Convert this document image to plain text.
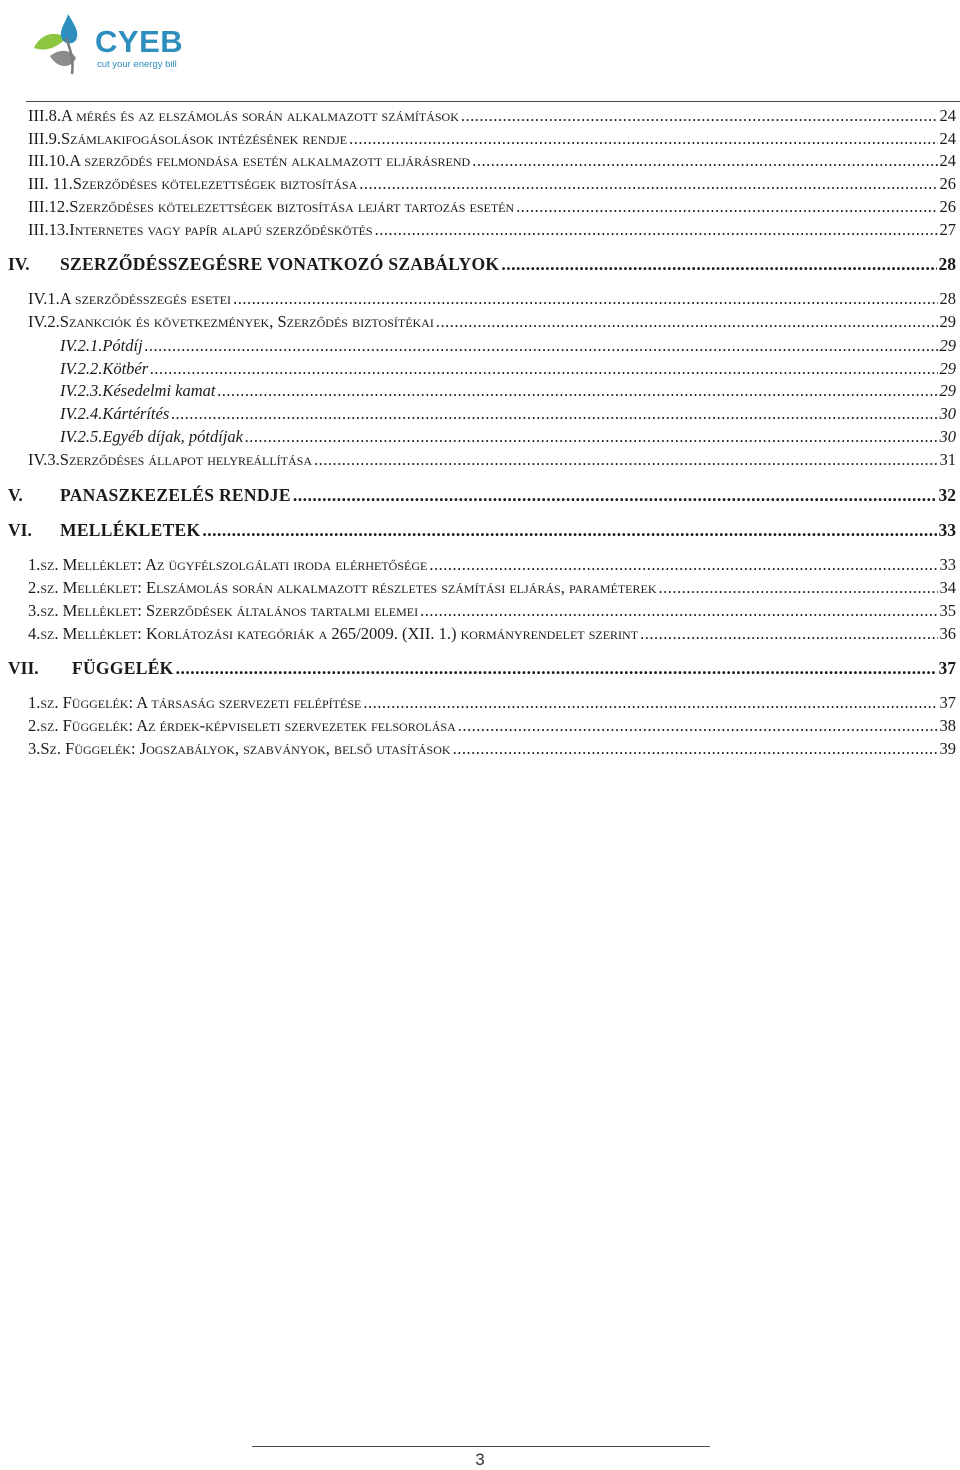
CYEB
cut your energy bill
III.8. A mérés és az elszámolás során alkalmazott számítások .....	24
III.9. Számlakifogásolások intézésének rendje .....	24
III.10. A szerződés felmondása esetén alkalmazott eljárásrend .....	24
III. 11. Szerződéses kötelezettségek biztosítása .....	26
III.12. Szerződéses kötelezettségek biztosítása lejárt tartozás esetén .....	26
III.13. Internetes vagy papír alapú szerződéskötés .....	27
IV.	SZERZŐDÉSSZEGÉSRE VONATKOZÓ SZABÁLYOK .....	28
IV.1. A szerződésszegés esetei .....	28
IV.2. Szankciók és következmények, Szerződés biztosítékai .....	29
IV.2.1. Pótdíj .....	29
IV.2.2. Kötbér .....	29
IV.2.3. Késedelmi kamat .....	29
IV.2.4. Kártérítés .....	30
IV.2.5. Egyéb díjak, pótdíjak .....	30
IV.3. Szerződéses állapot helyreállítása .....	31
V.	PANASZKEZELÉS RENDJE .....	32
VI.	MELLÉKLETEK .....	33
1. sz. Melléklet: Az ügyfélszolgálati iroda elérhetősége .....	33
2. sz. Melléklet: Elszámolás során alkalmazott részletes számítási eljárás, paraméterek .....	34
3. sz. Melléklet: Szerződések általános tartalmi elemei .....	35
4. sz. Melléklet: Korlátozási kategóriák a 265/2009. (XII. 1.) kormányrendelet szerint .....	36
VII.	FÜGGELÉK .....	37
1. sz. Függelék: A társaság szervezeti felépítése .....	37
2. sz. Függelék: Az érdek-képviseleti szervezetek felsorolása .....	38
3. Sz. Függelék: Jogszabályok, szabványok, belső utasítások .....	39
3
